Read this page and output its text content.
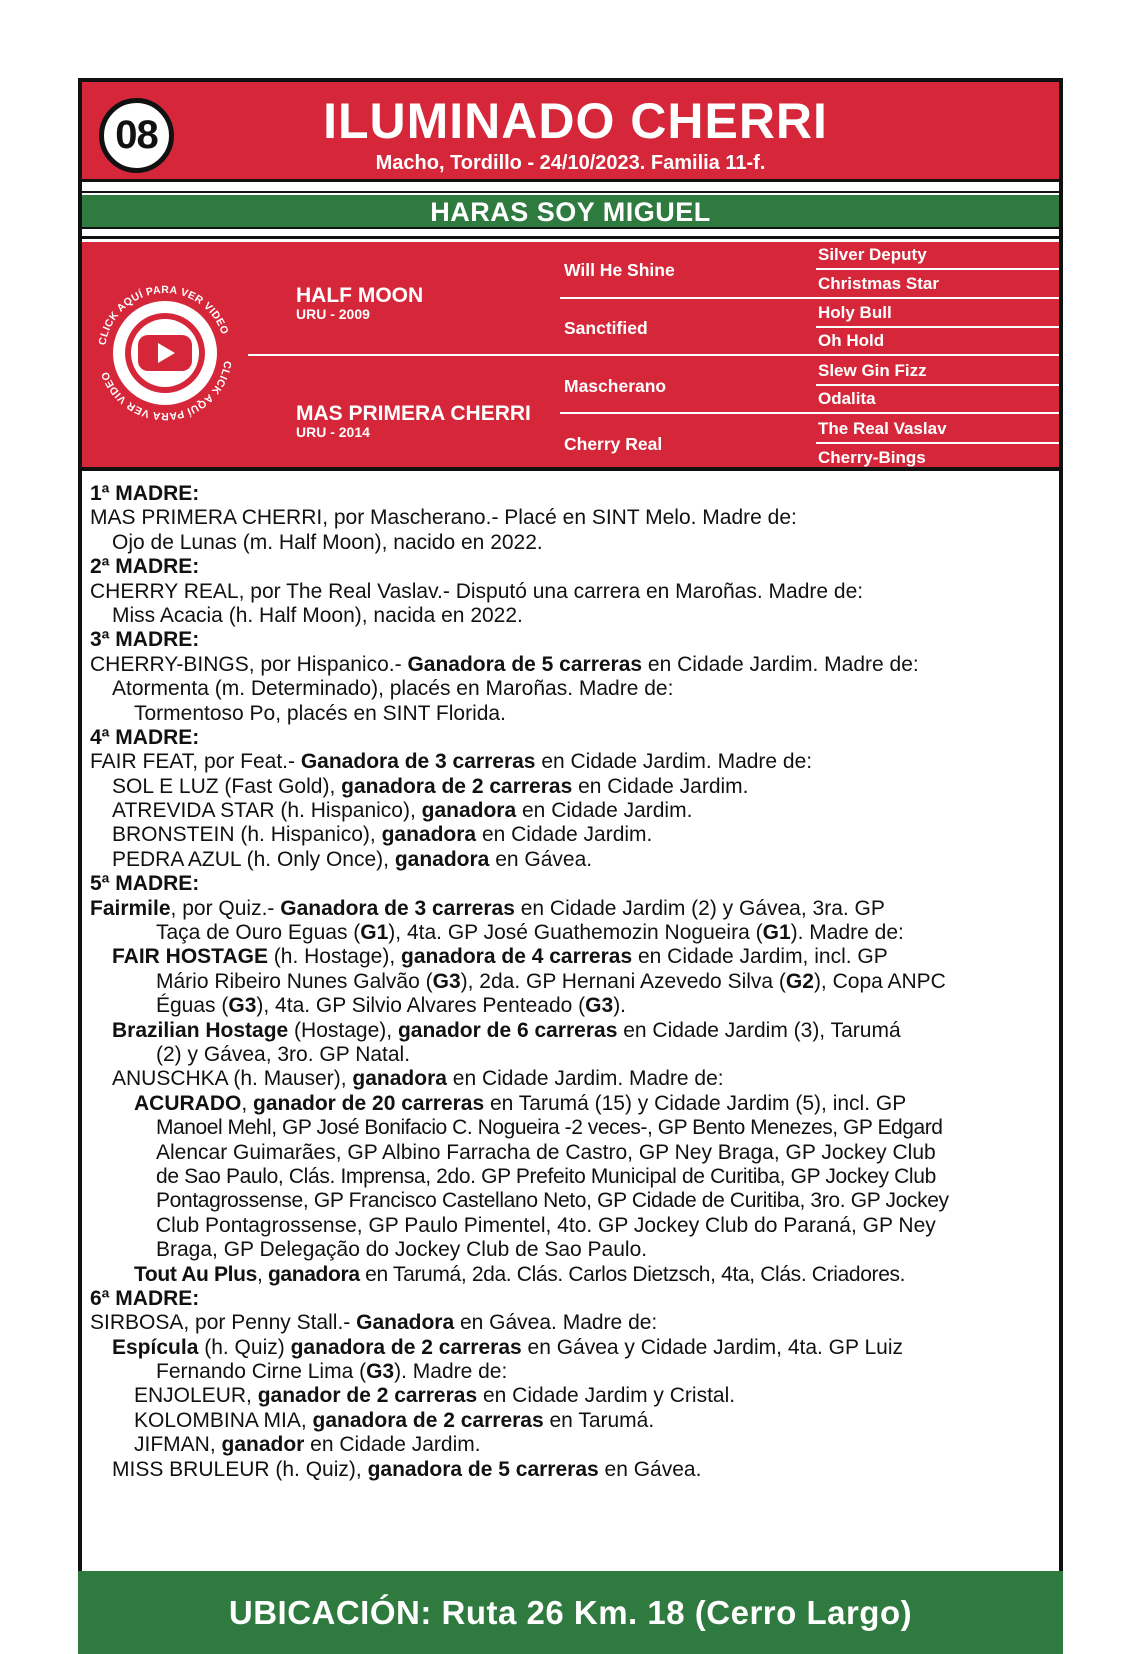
08	ILUMINADO CHERRI
Macho, Tordillo - 24/10/2023. Familia 11-f.
HARAS SOY MIGUEL
CLICK AQUÍ PARA VER VIDEO
CLICK AQUÍ PARA VER VIDEO
HALF MOON
URU - 2009
MAS PRIMERA CHERRI
URU - 2014
Will He Shine
Sanctified
Mascherano
Cherry Real
Silver Deputy
Christmas Star
Holy Bull
Oh Hold
Slew Gin Fizz
Odalita
The Real Vaslav
Cherry-Bings
1ª MADRE:
MAS PRIMERA CHERRI, por Mascherano.- Placé en SINT Melo. Madre de:
Ojo de Lunas (m. Half Moon), nacido en 2022.
2ª MADRE:
CHERRY REAL, por The Real Vaslav.- Disputó una carrera en Maroñas. Madre de:
Miss Acacia (h. Half Moon), nacida en 2022.
3ª MADRE:
CHERRY-BINGS, por Hispanico.- Ganadora de 5 carreras en Cidade Jardim. Madre de:
Atormenta (m. Determinado), placés en Maroñas. Madre de:
Tormentoso Po, placés en SINT Florida.
4ª MADRE:
FAIR FEAT, por Feat.- Ganadora de 3 carreras en Cidade Jardim. Madre de:
SOL E LUZ (Fast Gold), ganadora de 2 carreras en Cidade Jardim.
ATREVIDA STAR (h. Hispanico), ganadora en Cidade Jardim.
BRONSTEIN (h. Hispanico), ganadora en Cidade Jardim.
PEDRA AZUL (h. Only Once), ganadora en Gávea.
5ª MADRE:
Fairmile, por Quiz.- Ganadora de 3 carreras en Cidade Jardim (2) y Gávea, 3ra. GP
Taça de Ouro Eguas (G1), 4ta. GP José Guathemozin Nogueira (G1). Madre de:
FAIR HOSTAGE (h. Hostage), ganadora de 4 carreras en Cidade Jardim, incl. GP
Mário Ribeiro Nunes Galvão (G3), 2da. GP Hernani Azevedo Silva (G2), Copa ANPC
Éguas (G3), 4ta. GP Silvio Alvares Penteado (G3).
Brazilian Hostage (Hostage), ganador de 6 carreras en Cidade Jardim (3), Tarumá
(2) y Gávea, 3ro. GP Natal.
ANUSCHKA (h. Mauser), ganadora en Cidade Jardim. Madre de:
ACURADO, ganador de 20 carreras en Tarumá (15) y Cidade Jardim (5), incl. GP
Manoel Mehl, GP José Bonifacio C. Nogueira -2 veces-, GP Bento Menezes, GP Edgard
Alencar Guimarães, GP Albino Farracha de Castro, GP Ney Braga, GP Jockey Club
de Sao Paulo, Clás. Imprensa, 2do. GP Prefeito Municipal de Curitiba, GP Jockey Club
Pontagrossense, GP Francisco Castellano Neto, GP Cidade de Curitiba, 3ro. GP Jockey
Club Pontagrossense, GP Paulo Pimentel, 4to. GP Jockey Club do Paraná, GP Ney
Braga, GP Delegação do Jockey Club de Sao Paulo.
Tout Au Plus, ganadora en Tarumá, 2da. Clás. Carlos Dietzsch, 4ta, Clás. Criadores.
6ª MADRE:
SIRBOSA, por Penny Stall.- Ganadora en Gávea. Madre de:
Espícula (h. Quiz) ganadora de 2 carreras en Gávea y Cidade Jardim, 4ta. GP Luiz
Fernando Cirne Lima (G3). Madre de:
ENJOLEUR, ganador de 2 carreras en Cidade Jardim y Cristal.
KOLOMBINA MIA, ganadora de 2 carreras en Tarumá.
JIFMAN, ganador en Cidade Jardim.
MISS BRULEUR (h. Quiz), ganadora de 5 carreras en Gávea.
UBICACIÓN: Ruta 26 Km. 18 (Cerro Largo)
